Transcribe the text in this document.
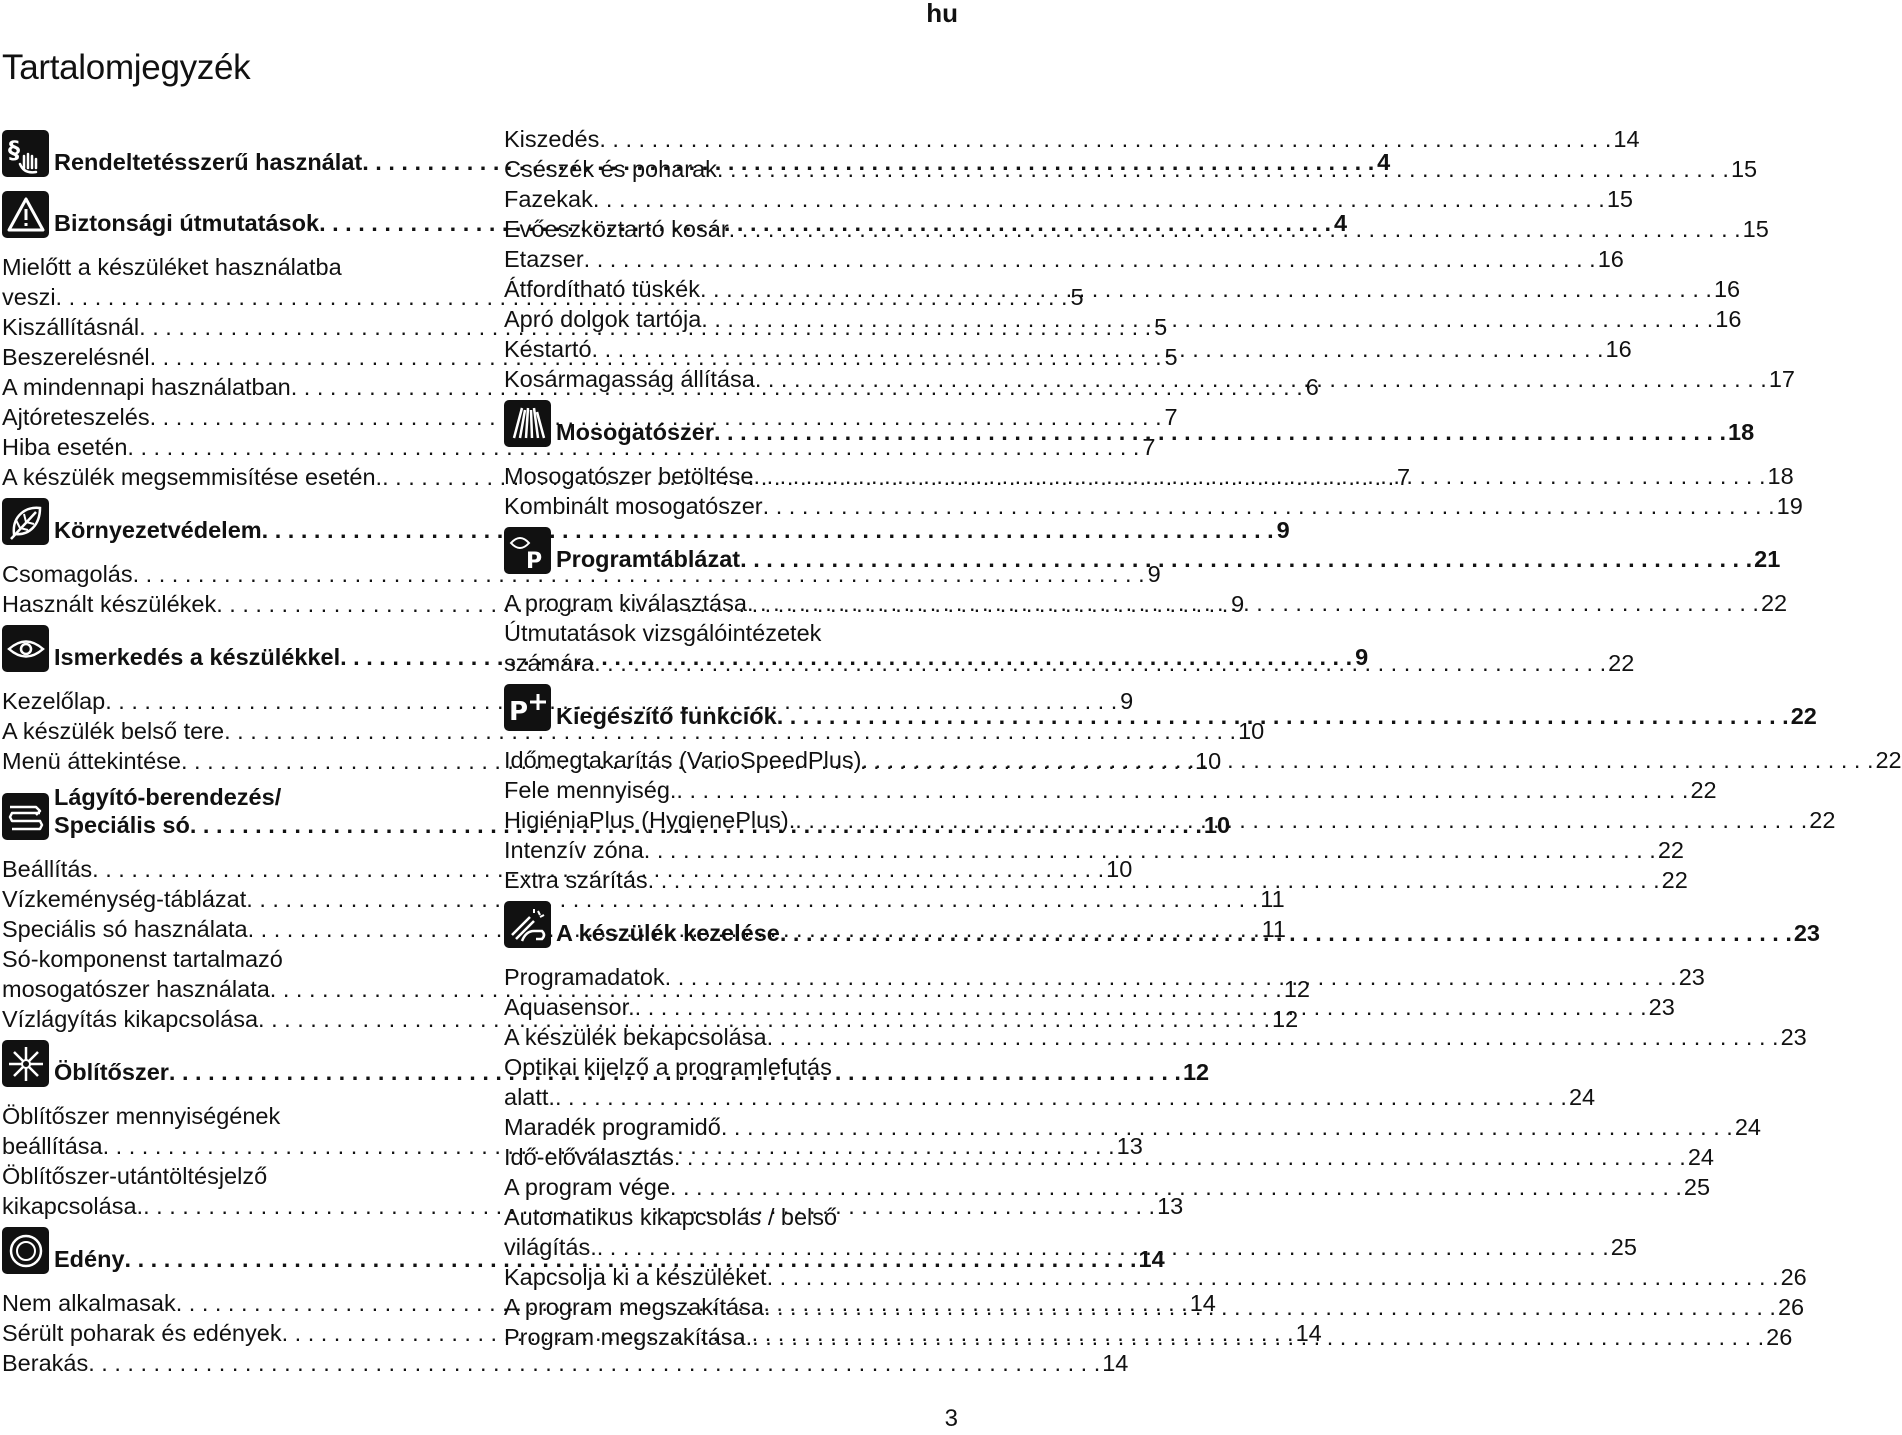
hu
Tartalomjegyzék
§ Rendeltetésszerű használat . . .	4
Biztonsági útmutatások . . .	4
Mielőtt a készüléket használatba
veszi . . .	5
Kiszállításnál . . .	5
Beszerelésnél . . .	5
A mindennapi használatban . . .	6
Ajtóreteszelés . . .	7
Hiba esetén . . .	7
A készülék megsemmisítése esetén. . . .	7
Környezetvédelem . . .	9
Csomagolás . . .	9
Használt készülékek . . .	9
Ismerkedés a készülékkel . . .	9
Kezelőlap . . .	9
A készülék belső tere . . .	10
Menü áttekintése . . .	10
Lágyító-berendezés/
Speciális só . . .	10
Beállítás . . .	10
Vízkeménység-táblázat . . .	11
Speciális só használata . . .	11
Só-komponenst tartalmazó
mosogatószer használata . . .	12
Vízlágyítás kikapcsolása . . .	12
Öblítőszer . . .	12
Öblítőszer mennyiségének
beállítása . . .	13
Öblítőszer-utántöltésjelző
kikapcsolása. . . .	13
Edény . . .	14
Nem alkalmasak . . .	14
Sérült poharak és edények . . .	14
Berakás . . .	14
Kiszedés . . .	14
Csészék és poharak . . .	15
Fazekak . . .	15
Evőeszköztartó kosár . . .	15
Etazser . . .	16
Átfordítható tüskék . . .	16
Apró dolgok tartója . . .	16
Késtartó . . .	16
Kosármagasság állítása . . .	17
Mosogatószer . . .	18
Mosogatószer betöltése . . .	18
Kombinált mosogatószer . . .	19
P Programtáblázat . . .	21
A program kiválasztása . . .	22
Útmutatások vizsgálóintézetek
számára . . .	22
P Kiegészítő funkciók . . .	22
Időmegtakarítás (VarioSpeedPlus) . . .	22
Fele mennyiség. . . .	22
HigiéniaPlus (HygienePlus). . . .	22
Intenzív zóna . . .	22
Extra szárítás . . .	22
A készülék kezelése . . .	23
Programadatok . . .	23
Aquasensor. . . .	23
A készülék bekapcsolása . . .	23
Optikai kijelző a programlefutás
alatt. . . .	24
Maradék programidő . . .	24
Idő-előválasztás . . .	24
A program vége . . .	25
Automatikus kikapcsolás / belső
világítás. . . .	25
Kapcsolja ki a készüléket . . .	26
A program megszakítása . . .	26
Program megszakítása. . . .	26
3
